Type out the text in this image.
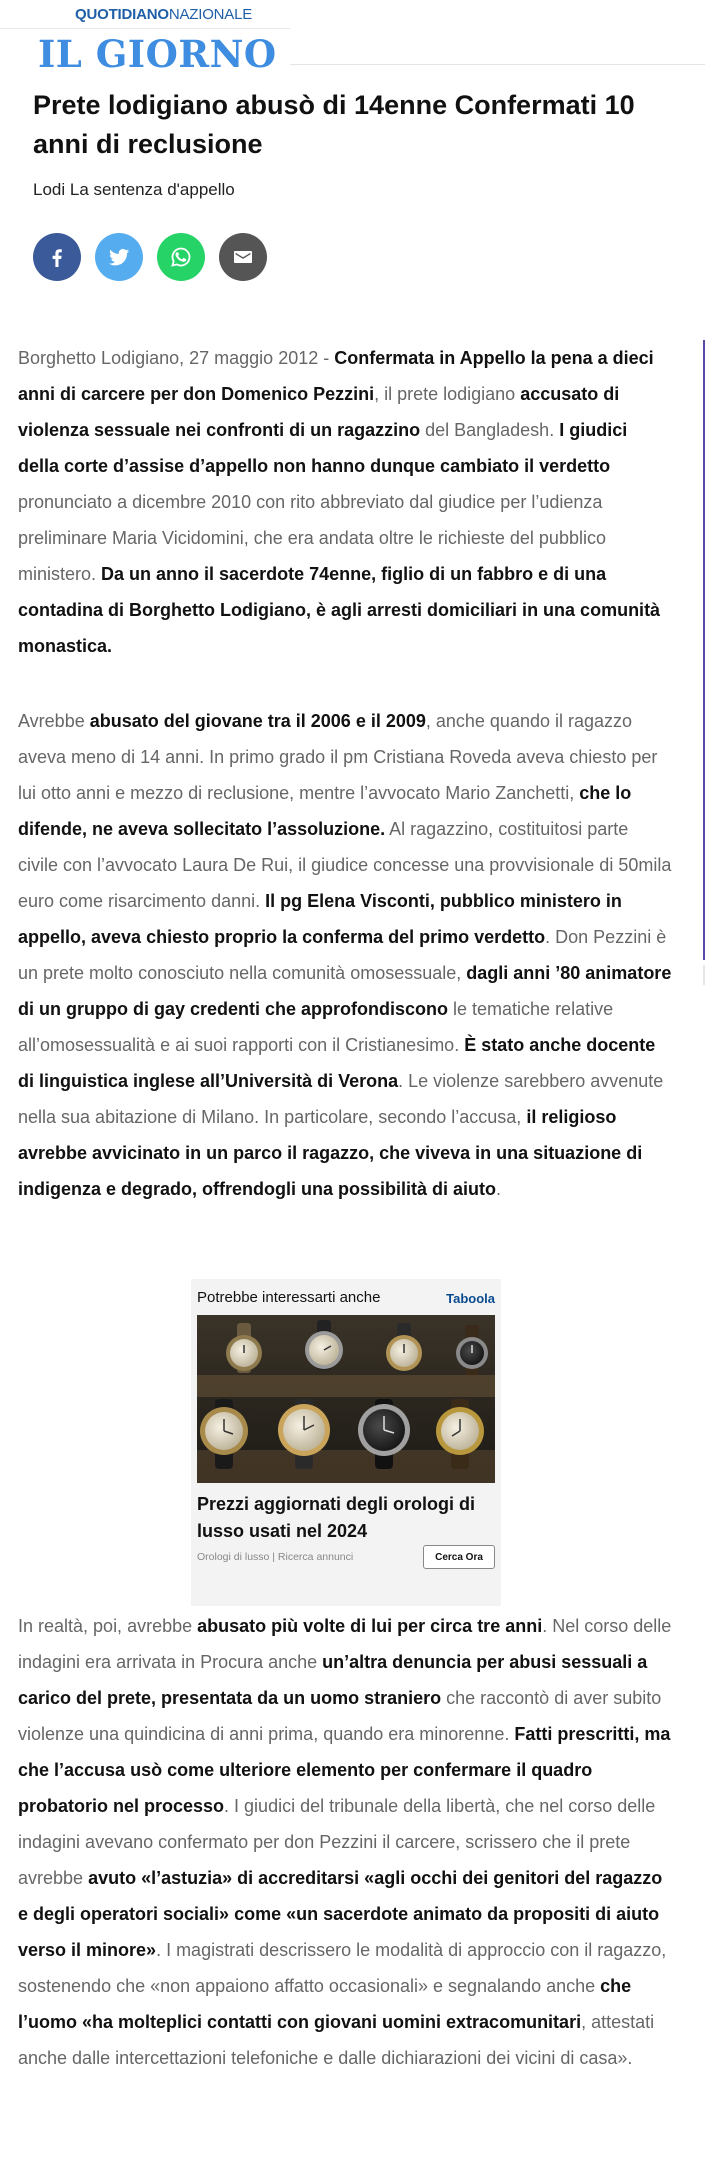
QUOTIDIANONAZIONALE
IL GIORNO
Prete lodigiano abusò di 14enne Confermati 10 anni di reclusione
Lodi La sentenza d'appello

Borghetto Lodigiano, 27 maggio 2012 - Confermata in Appello la pena a dieci anni di carcere per don Domenico Pezzini, il prete lodigiano accusato di violenza sessuale nei confronti di un ragazzino del Bangladesh. I giudici della corte d’assise d’appello non hanno dunque cambiato il verdetto pronunciato a dicembre 2010 con rito abbreviato dal giudice per l’udienza preliminare Maria Vicidomini, che era andata oltre le richieste del pubblico ministero. Da un anno il sacerdote 74enne, figlio di un fabbro e di una contadina di Borghetto Lodigiano, è agli arresti domiciliari in una comunità monastica.

Avrebbe abusato del giovane tra il 2006 e il 2009, anche quando il ragazzo aveva meno di 14 anni. In primo grado il pm Cristiana Roveda aveva chiesto per lui otto anni e mezzo di reclusione, mentre l’avvocato Mario Zanchetti, che lo difende, ne aveva sollecitato l’assoluzione. Al ragazzino, costituitosi parte civile con l’avvocato Laura De Rui, il giudice concesse una provvisionale di 50mila euro come risarcimento danni. Il pg Elena Visconti, pubblico ministero in appello, aveva chiesto proprio la conferma del primo verdetto. Don Pezzini è un prete molto conosciuto nella comunità omosessuale, dagli anni ’80 animatore di un gruppo di gay credenti che approfondiscono le tematiche relative all’omosessualità e ai suoi rapporti con il Cristianesimo. È stato anche docente di linguistica inglese all’Università di Verona. Le violenze sarebbero avvenute nella sua abitazione di Milano. In particolare, secondo l’accusa, il religioso avrebbe avvicinato in un parco il ragazzo, che viveva in una situazione di indigenza e degrado, offrendogli una possibilità di aiuto.

Potrebbe interessarti anche	Taboola
Prezzi aggiornati degli orologi di lusso usati nel 2024
Orologi di lusso | Ricerca annunci	Cerca Ora

In realtà, poi, avrebbe abusato più volte di lui per circa tre anni. Nel corso delle indagini era arrivata in Procura anche un’altra denuncia per abusi sessuali a carico del prete, presentata da un uomo straniero che raccontò di aver subito violenze una quindicina di anni prima, quando era minorenne. Fatti prescritti, ma che l’accusa usò come ulteriore elemento per confermare il quadro probatorio nel processo. I giudici del tribunale della libertà, che nel corso delle indagini avevano confermato per don Pezzini il carcere, scrissero che il prete avrebbe avuto «l’astuzia» di accreditarsi «agli occhi dei genitori del ragazzo e degli operatori sociali» come «un sacerdote animato da propositi di aiuto verso il minore». I magistrati descrissero le modalità di approccio con il ragazzo, sostenendo che «non appaiono affatto occasionali» e segnalando anche che l’uomo «ha molteplici contatti con giovani uomini extracomunitari, attestati anche dalle intercettazioni telefoniche e dalle dichiarazioni dei vicini di casa».
